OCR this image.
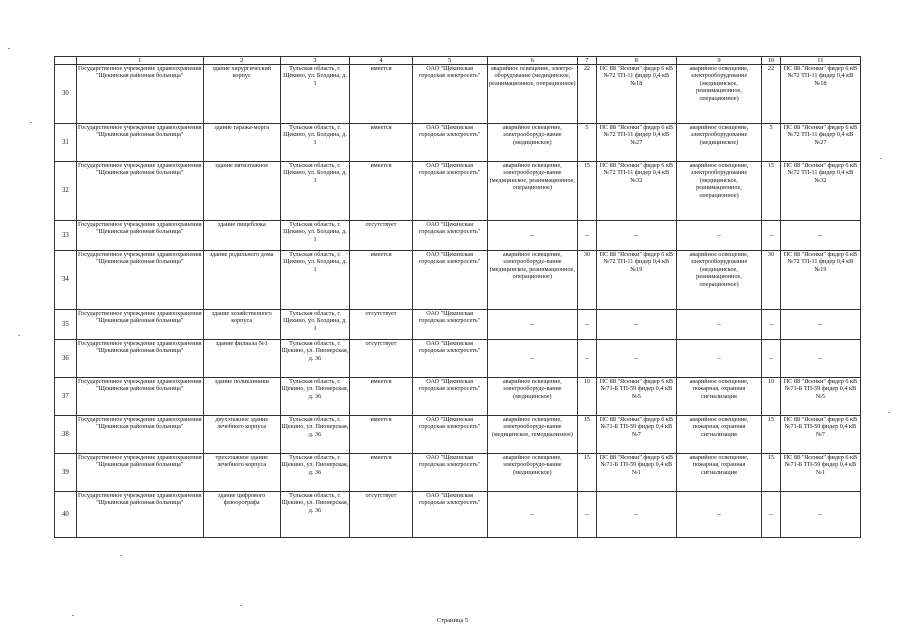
	1	2	3	4	5	6	7	8	9	10	11
30	Государственное учреждение здравоохранения "Щекинская районная больница"	здание хирургический корпус	Тульская область, г. Щекино, ул. Болдина, д. 1	имеется	ОАО "Щекинская городская электросеть"	аварийное освещение, электро-оборудование (медицинское, реанимационное, операционное)	22	ПС 88 "Ясенки" фидер 6 кВ №72 ТП-11 фидер 0,4 кВ №18	аварийное освещение, электрооборудование (медицинское, реанимационное, операционное)	22	ПС 88 "Ясенки" фидер 6 кВ №72 ТП-11 фидер 0,4 кВ №18
31	Государственное учреждение здравоохранения "Щекинская районная больница"	здание гаража-морга	Тульская область, г. Щекино, ул. Болдина, д. 1	имеется	ОАО "Щекинская городская электросеть"	аварийное освещение, электрооборудо-вание (медицинское)	5	ПС 88 "Ясенки" фидер 6 кВ №72 ТП-11 фидер 0,4 кВ №27	аварийное освещение, электрооборудование (медицинское)	5	ПС 88 "Ясенки" фидер 6 кВ №72 ТП-11 фидер 0,4 кВ №27
32	Государственное учреждение здравоохранения "Щекинская районная больница"	здание пятиэтажное	Тульская область, г. Щекино, ул. Болдина, д. 1	имеется	ОАО "Щекинская городская электросеть"	аварийное освещение, электрооборудо-вание (медицинское, реанимационное, операционное)	15	ПС 88 "Ясенки" фидер 6 кВ №72 ТП-11 фидер 0,4 кВ №32	аварийное освещение, электрооборудование (медицинское, реанимационное, операционное)	15	ПС 88 "Ясенки" фидер 6 кВ №72 ТП-11 фидер 0,4 кВ №32
33	Государственное учреждение здравоохранения "Щекинская районная больница"	здание пищеблока	Тульская область, г. Щекино, ул. Болдина, д. 1	отсутствует	ОАО "Щекинская городская электросеть"	–	–	–	–	–	–
34	Государственное учреждение здравоохранения "Щекинская районная больница"	здание родильного дома	Тульская область, г. Щекино, ул. Болдина, д. 1	имеется	ОАО "Щекинская городская электросеть"	аварийное освещение, электрооборудо-вание (медицинское, реанимационное, операционное)	30	ПС 88 "Ясенки" фидер 6 кВ №72 ТП-11 фидер 0,4 кВ №19	аварийное освещение, электрооборудование (медицинское, реанимационное, операционное)	30	ПС 88 "Ясенки" фидер 6 кВ №72 ТП-11 фидер 0,4 кВ №19
35	Государственное учреждение здравоохранения "Щекинская районная больница"	здание хозяйственного корпуса	Тульская область, г. Щекино, ул. Болдина, д. 1	отсутствует	ОАО "Щекинская городская электросеть"	–	–	–	–	–	–
36	Государственное учреждение здравоохранения "Щекинская районная больница"	здание филиала №1	Тульская область, г. Щекино, ул. Пионерская, д. 36	отсутствует	ОАО "Щекинская городская электросеть"	–	–	–	–	–	–
37	Государственное учреждение здравоохранения "Щекинская районная больница"	здание поликлиники	Тульская область, г. Щекино, ул. Пионерская, д. 36	имеется	ОАО "Щекинская городская электросеть"	аварийное освещение, электрооборудо-вание (медицинское)	10	ПС 88 "Ясенки" фидер 6 кВ №71-Б ТП-59 фидер 0,4 кВ №5	аварийное освещение, пожарная, охранная сигнализация	10	ПС 88 "Ясенки" фидер 6 кВ №71-Б ТП-59 фидер 0,4 кВ №5
38	Государственное учреждение здравоохранения "Щекинская районная больница"	двухэтажное здание лечебного корпуса	Тульская область, г. Щекино, ул. Пионерская, д. 36	имеется	ОАО "Щекинская городская электросеть"	аварийное освещение, электрооборудо-вание (медицинское, гемодиализное)	15	ПС 88 "Ясенки" фидер 6 кВ №71-Б ТП-59 фидер 0,4 кВ №7	аварийное освещение, пожарная, охранная сигнализация	15	ПС 88 "Ясенки" фидер 6 кВ №71-Б ТП-59 фидер 0,4 кВ №7
39	Государственное учреждение здравоохранения "Щекинская районная больница"	трехэтажное здание лечебного корпуса	Тульская область, г. Щекино, ул. Пионерская, д. 36	имеется	ОАО "Щекинская городская электросеть"	аварийное освещение, электрооборудо-вание (медицинское)	15	ПС 88 "Ясенки" фидер 6 кВ №71-Б ТП-59 фидер 0,4 кВ №1	аварийное освещение, пожарная, охранная сигнализация	15	ПС 88 "Ясенки" фидер 6 кВ №71-Б ТП-59 фидер 0,4 кВ №1
40	Государственное учреждение здравоохранения "Щекинская районная больница"	здание цифрового флюорографа	Тульская область, г. Щекино, ул. Пионерская, д. 36	отсутствует	ОАО "Щекинская городская электросеть"	–	–	–	–	–	–
Страница 5
